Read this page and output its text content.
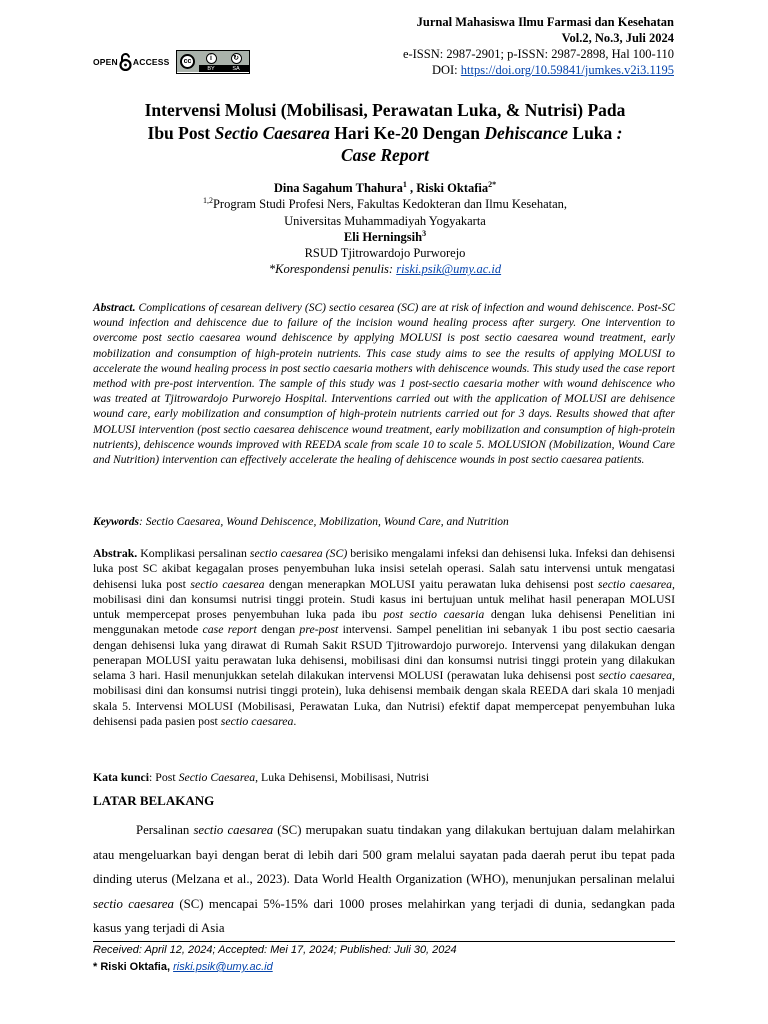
OPEN ACCESS	cc	i	↻
BY	SA
Jurnal Mahasiswa Ilmu Farmasi dan Kesehatan
Vol.2, No.3, Juli 2024
e-ISSN: 2987-2901; p-ISSN: 2987-2898, Hal 100-110
DOI: https://doi.org/10.59841/jumkes.v2i3.1195
Intervensi Molusi (Mobilisasi, Perawatan Luka, & Nutrisi) Pada
Ibu Post Sectio Caesarea Hari Ke-20 Dengan Dehiscance Luka :
Case Report
Dina Sagahum Thahura$^1$ , Riski Oktafia$^{2*}$
$^{1,2}$Program Studi Profesi Ners, Fakultas Kedokteran dan Ilmu Kesehatan,
Universitas Muhammadiyah Yogyakarta
Eli Herningsih$^3$
RSUD Tjitrowardojo Purworejo
*Korespondensi penulis: riski.psik@umy.ac.id
Abstract. Complications of cesarean delivery (SC) sectio cesarea (SC) are at risk of infection and wound dehiscence. Post-SC wound infection and dehiscence due to failure of the incision wound healing process after surgery. One intervention to overcome post sectio caesarea wound dehiscence by applying MOLUSI is post sectio caesarea wound treatment, early mobilization and consumption of high-protein nutrients. This case study aims to see the results of applying MOLUSI to accelerate the wound healing process in post sectio caesaria mothers with dehiscence wounds. This study used the case report method with pre-post intervention. The sample of this study was 1 post-sectio caesaria mother with wound dehiscence who was treated at Tjitrowardojo Purworejo Hospital. Interventions carried out with the application of MOLUSI are dehisence wound care, early mobilization and consumption of high-protein nutrients carried out for 3 days. Results showed that after MOLUSI intervention (post sectio caesarea dehiscence wound treatment, early mobilization and consumption of high-protein nutrients), dehiscence wounds improved with REEDA scale from scale 10 to scale 5. MOLUSION (Mobilization, Wound Care and Nutrition) intervention can effectively accelerate the healing of dehiscence wounds in post sectio caesarea patients.
Keywords: Sectio Caesarea, Wound Dehiscence, Mobilization, Wound Care, and Nutrition
Abstrak. Komplikasi persalinan sectio caesarea (SC) berisiko mengalami infeksi dan dehisensi luka. Infeksi dan dehisensi luka post SC akibat kegagalan proses penyembuhan luka insisi setelah operasi. Salah satu intervensi untuk mengatasi dehisensi luka post sectio caesarea dengan menerapkan MOLUSI yaitu perawatan luka dehisensi post sectio caesarea, mobilisasi dini dan konsumsi nutrisi tinggi protein. Studi kasus ini bertujuan untuk melihat hasil penerapan MOLUSI untuk mempercepat proses penyembuhan luka pada ibu post sectio caesaria dengan luka dehisensi Penelitian ini menggunakan metode case report dengan pre-post intervensi. Sampel penelitian ini sebanyak 1 ibu post sectio caesaria dengan dehisensi luka yang dirawat di Rumah Sakit RSUD Tjitrowardojo purworejo. Intervensi yang dilakukan dengan penerapan MOLUSI yaitu perawatan luka dehisensi, mobilisasi dini dan konsumsi nutrisi tinggi protein yang dilakukan selama 3 hari. Hasil menunjukkan setelah dilakukan intervensi MOLUSI (perawatan luka dehisensi post sectio caesarea, mobilisasi dini dan konsumsi nutrisi tinggi protein), luka dehisensi membaik dengan skala REEDA dari skala 10 menjadi skala 5. Intervensi MOLUSI (Mobilisasi, Perawatan Luka, dan Nutrisi) efektif dapat mempercepat penyembuhan luka dehisensi pada pasien post sectio caesarea.
Kata kunci: Post Sectio Caesarea, Luka Dehisensi, Mobilisasi, Nutrisi
Persalinan sectio caesarea (SC) merupakan suatu tindakan yang dilakukan bertujuan dalam melahirkan atau mengeluarkan bayi dengan berat di lebih dari 500 gram melalui sayatan pada daerah perut ibu tepat pada dinding uterus (Melzana et al., 2023). Data World Health Organization (WHO), menunjukan persalinan melalui sectio caesarea (SC) mencapai 5%-15% dari 1000 proses melahirkan yang terjadi di dunia, sedangkan pada kasus yang terjadi di Asia
Received: April 12, 2024; Accepted: Mei 17, 2024; Published: Juli 30, 2024
* Riski Oktafia, riski.psik@umy.ac.id
LATAR BELAKANG
